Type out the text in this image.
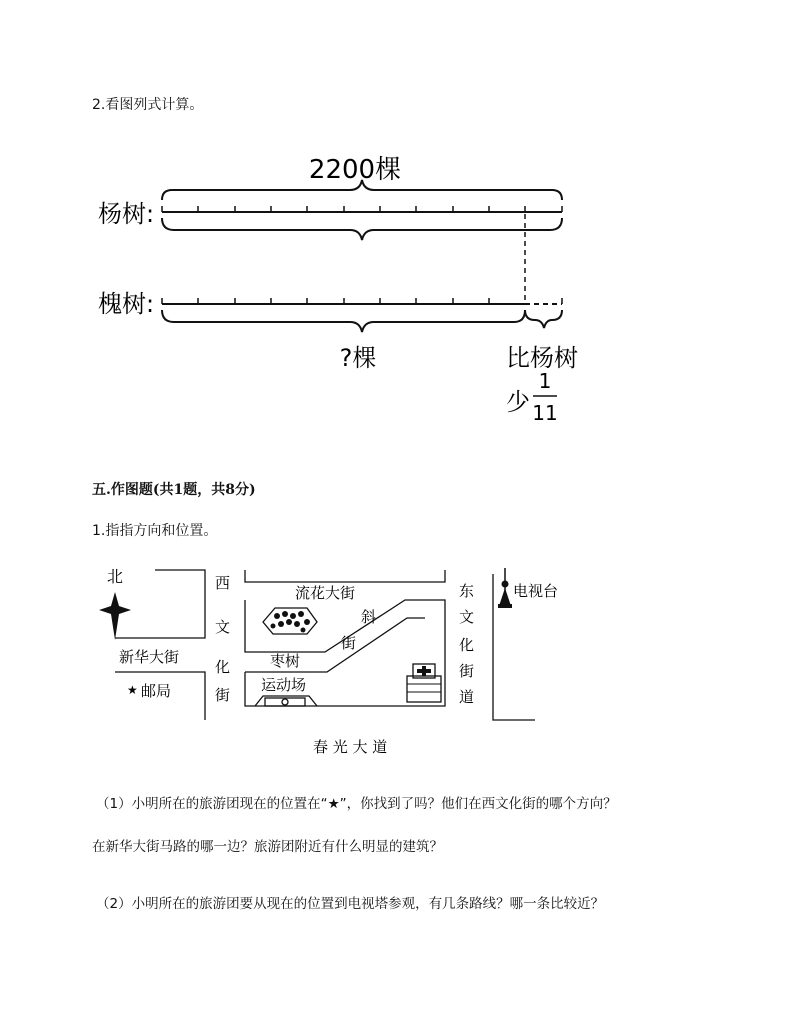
2.看图列式计算。
2200棵
杨树:
槐树:
?棵	比杨树
少
1
11
五.作图题(共1题，共8分)
1.指指方向和位置。
北	西
文
化
街
东
文
化
街
道
流花大街
斜
街
枣树
新华大街
★ 邮局	运动场
电视台
春 光 大 道
（1）小明所在的旅游团现在的位置在“★”，你找到了吗？他们在西文化街的哪个方向？
在新华大街马路的哪一边？旅游团附近有什么明显的建筑？
（2）小明所在的旅游团要从现在的位置到电视塔参观，有几条路线？哪一条比较近？
